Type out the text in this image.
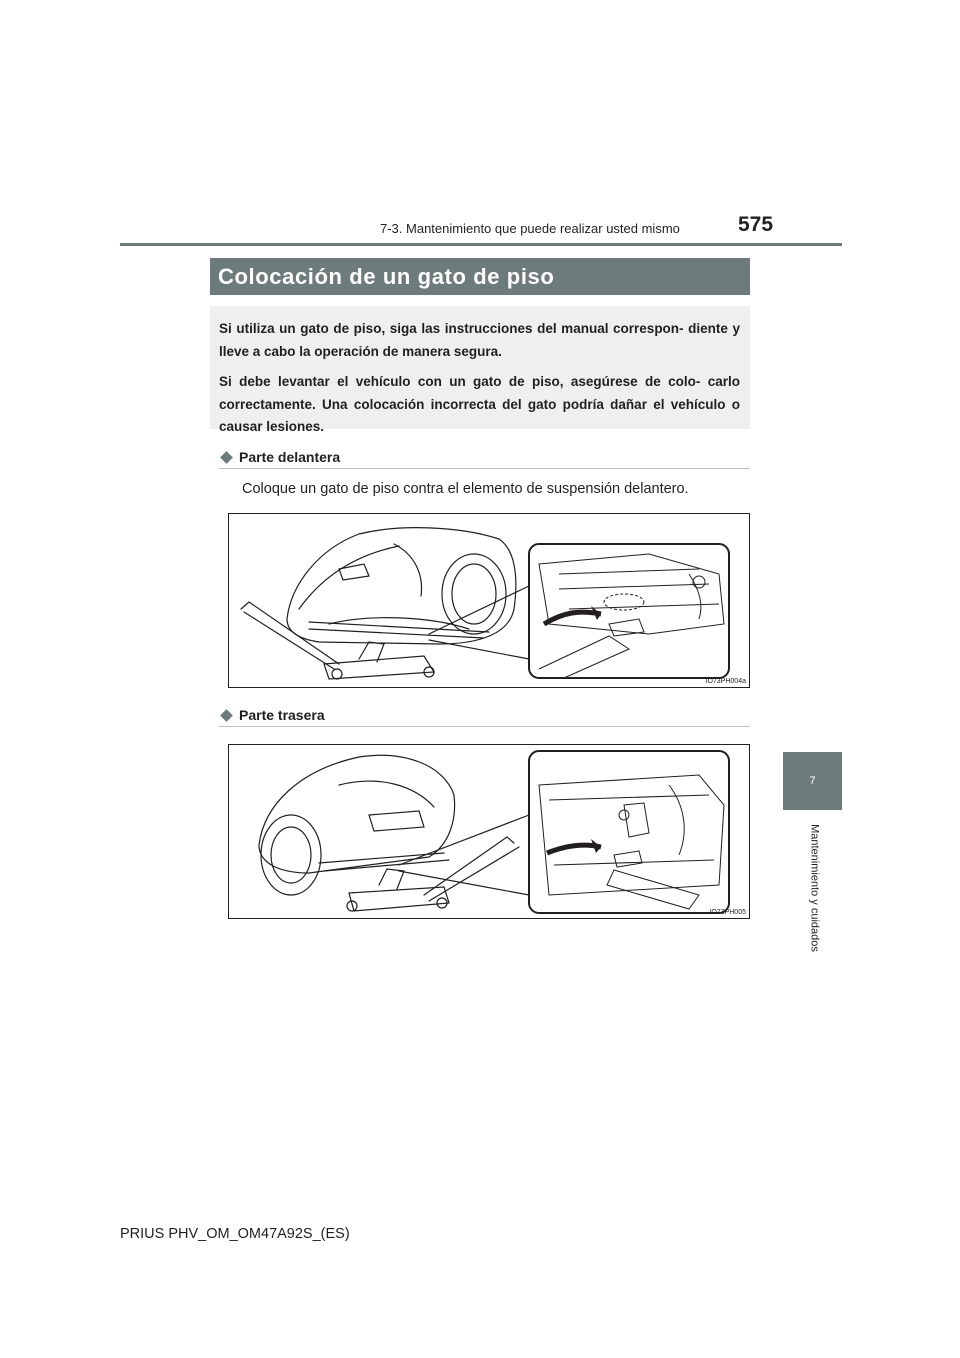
7-3. Mantenimiento que puede realizar usted mismo	575
7
Mantenimiento y cuidados
Colocación de un gato de piso

Si utiliza un gato de piso, siga las instrucciones del manual correspon- diente y lleve a cabo la operación de manera segura.

Si debe levantar el vehículo con un gato de piso, asegúrese de colo- carlo correctamente. Una colocación incorrecta del gato podría dañar el vehículo o causar lesiones.

Parte delantera
Coloque un gato de piso contra el elemento de suspensión delantero.
IO73PH004a
Parte trasera
IO73PH005
PRIUS PHV_OM_OM47A92S_(ES)
